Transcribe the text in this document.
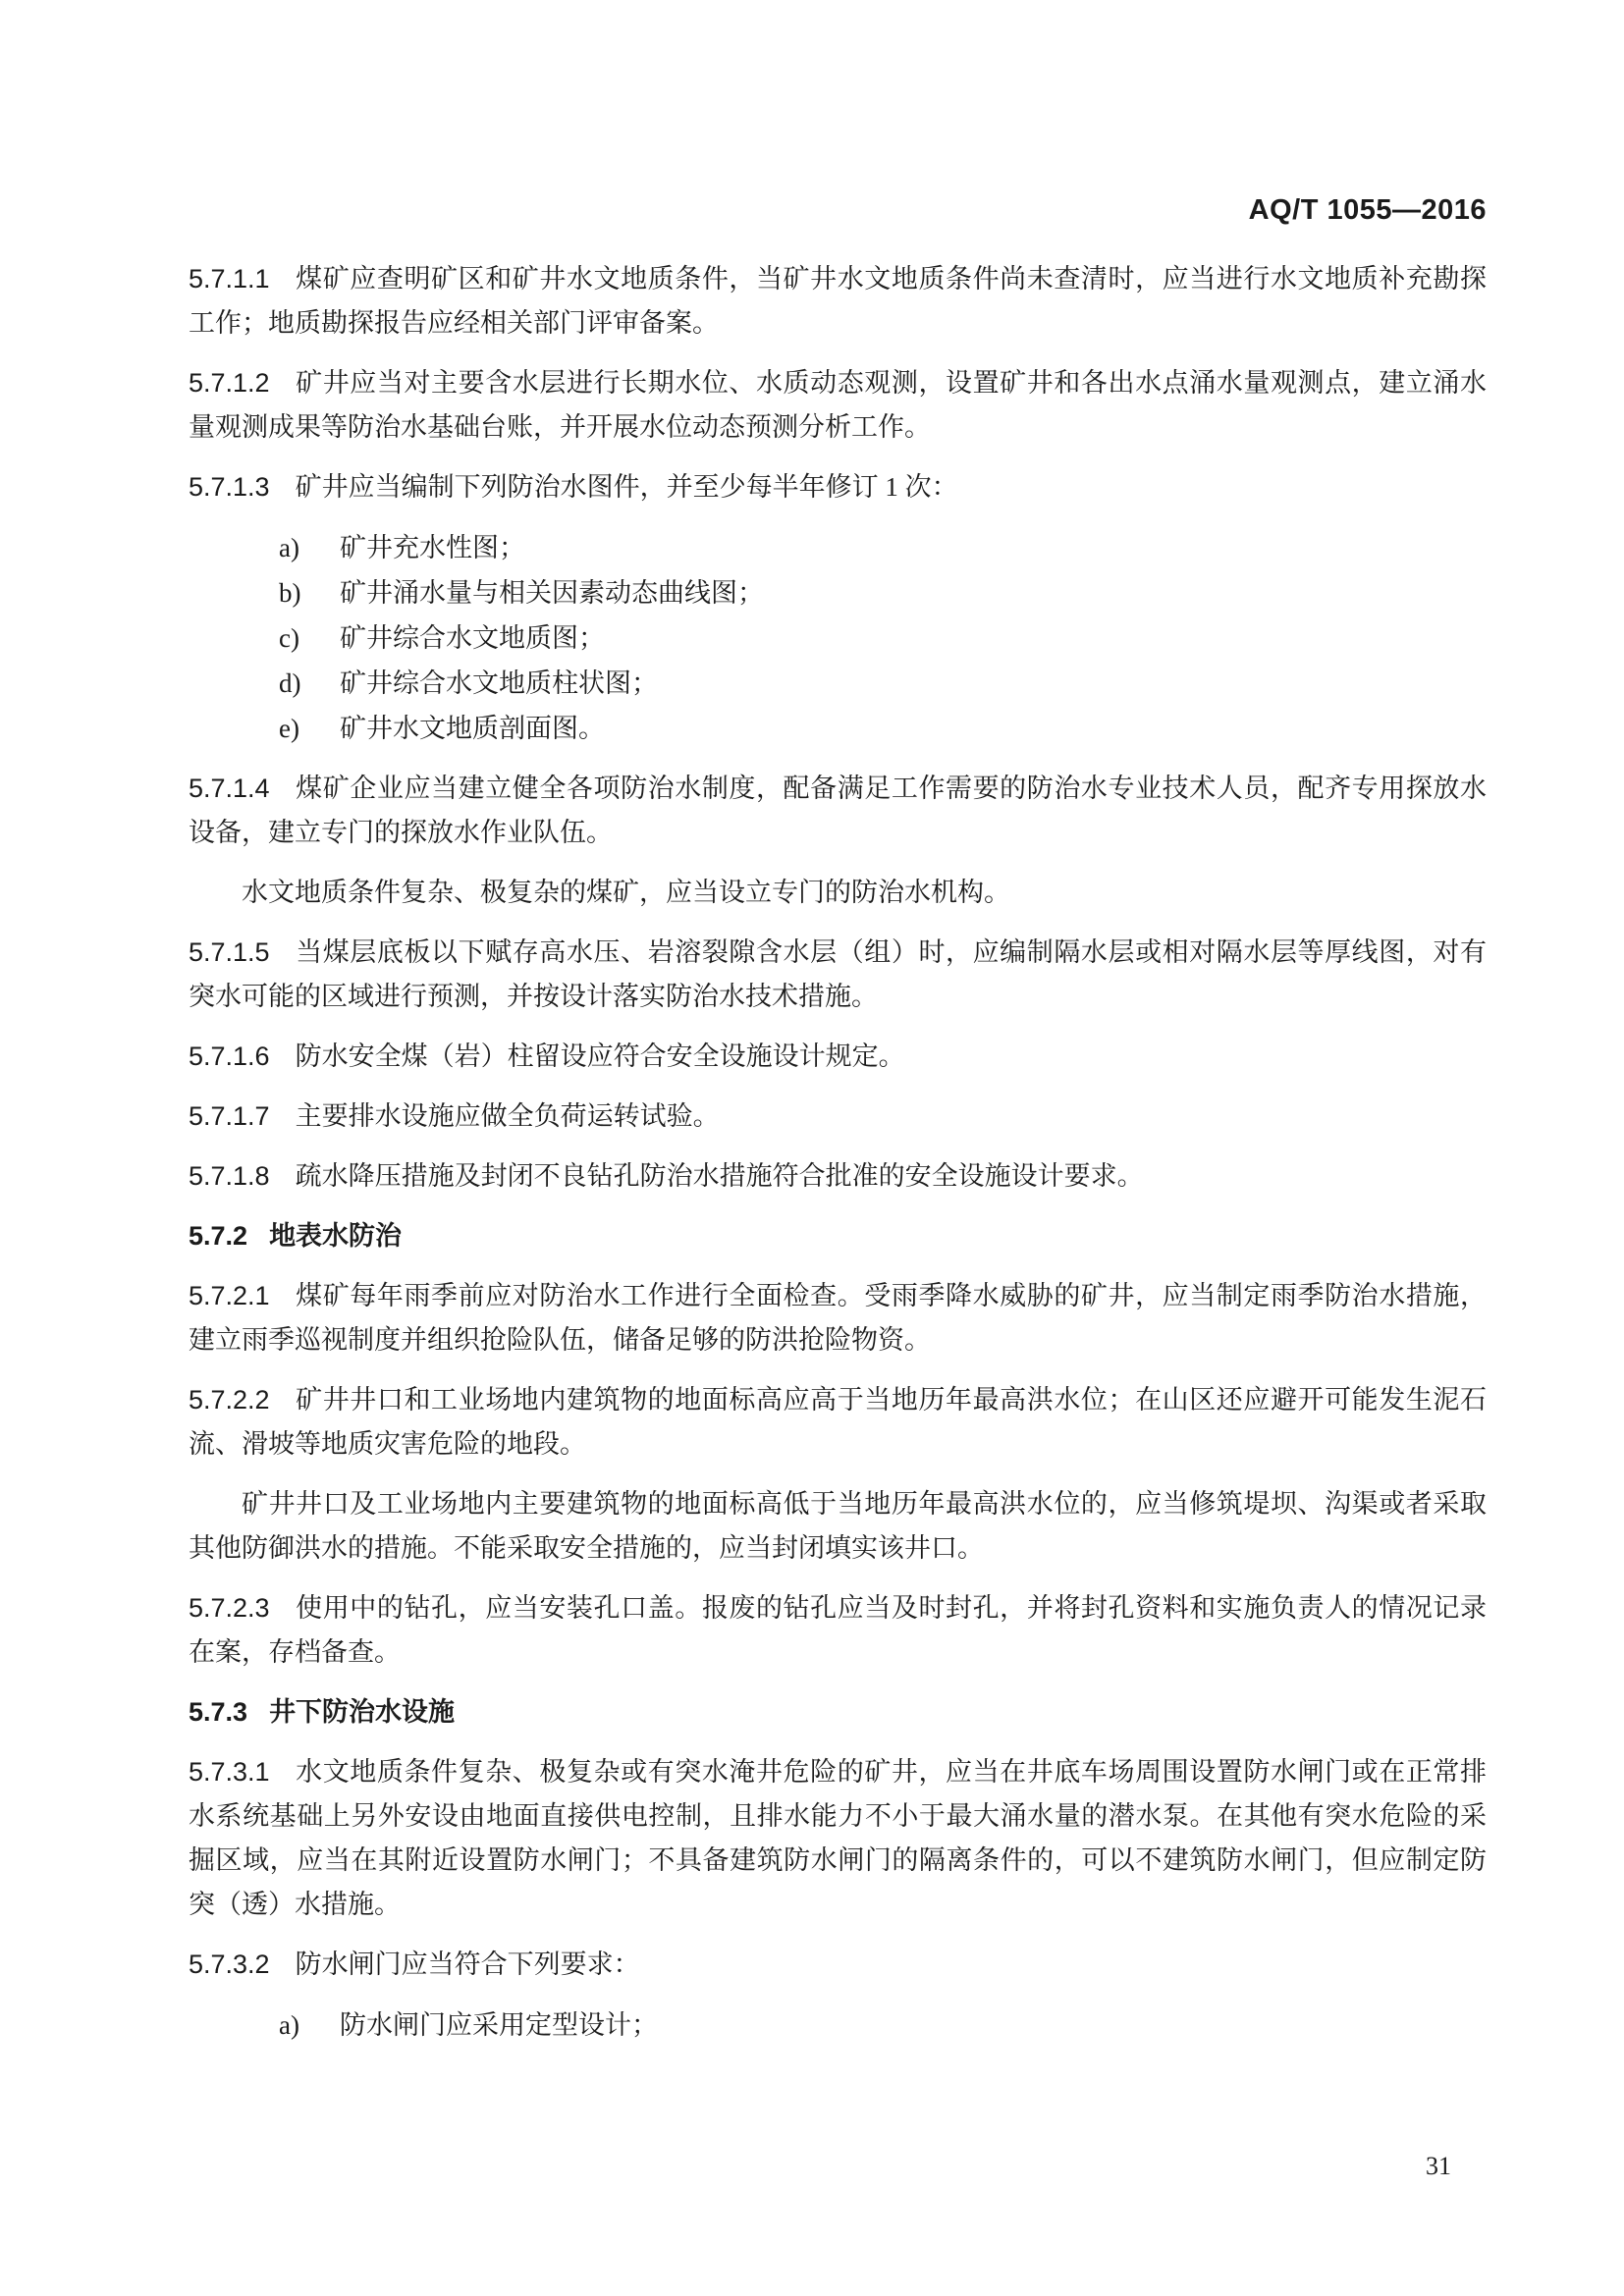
AQ/T 1055—2016

5.7.1.1 煤矿应查明矿区和矿井水文地质条件，当矿井水文地质条件尚未查清时，应当进行水文地质补充勘探工作；地质勘探报告应经相关部门评审备案。

5.7.1.2 矿井应当对主要含水层进行长期水位、水质动态观测，设置矿井和各出水点涌水量观测点，建立涌水量观测成果等防治水基础台账，并开展水位动态预测分析工作。

5.7.1.3 矿井应当编制下列防治水图件，并至少每半年修订 1 次：

a) 矿井充水性图；

b) 矿井涌水量与相关因素动态曲线图；

c) 矿井综合水文地质图；

d) 矿井综合水文地质柱状图；

e) 矿井水文地质剖面图。

5.7.1.4 煤矿企业应当建立健全各项防治水制度，配备满足工作需要的防治水专业技术人员，配齐专用探放水设备，建立专门的探放水作业队伍。

水文地质条件复杂、极复杂的煤矿，应当设立专门的防治水机构。

5.7.1.5 当煤层底板以下赋存高水压、岩溶裂隙含水层（组）时，应编制隔水层或相对隔水层等厚线图，对有突水可能的区域进行预测，并按设计落实防治水技术措施。

5.7.1.6 防水安全煤（岩）柱留设应符合安全设施设计规定。

5.7.1.7 主要排水设施应做全负荷运转试验。

5.7.1.8 疏水降压措施及封闭不良钻孔防治水措施符合批准的安全设施设计要求。

5.7.2 地表水防治

5.7.2.1 煤矿每年雨季前应对防治水工作进行全面检查。受雨季降水威胁的矿井，应当制定雨季防治水措施，建立雨季巡视制度并组织抢险队伍，储备足够的防洪抢险物资。

5.7.2.2 矿井井口和工业场地内建筑物的地面标高应高于当地历年最高洪水位；在山区还应避开可能发生泥石流、滑坡等地质灾害危险的地段。

矿井井口及工业场地内主要建筑物的地面标高低于当地历年最高洪水位的，应当修筑堤坝、沟渠或者采取其他防御洪水的措施。不能采取安全措施的，应当封闭填实该井口。

5.7.2.3 使用中的钻孔，应当安装孔口盖。报废的钻孔应当及时封孔，并将封孔资料和实施负责人的情况记录在案，存档备查。

5.7.3 井下防治水设施

5.7.3.1 水文地质条件复杂、极复杂或有突水淹井危险的矿井，应当在井底车场周围设置防水闸门或在正常排水系统基础上另外安设由地面直接供电控制，且排水能力不小于最大涌水量的潜水泵。在其他有突水危险的采掘区域，应当在其附近设置防水闸门；不具备建筑防水闸门的隔离条件的，可以不建筑防水闸门，但应制定防突（透）水措施。

5.7.3.2 防水闸门应当符合下列要求：

a) 防水闸门应采用定型设计；

31
